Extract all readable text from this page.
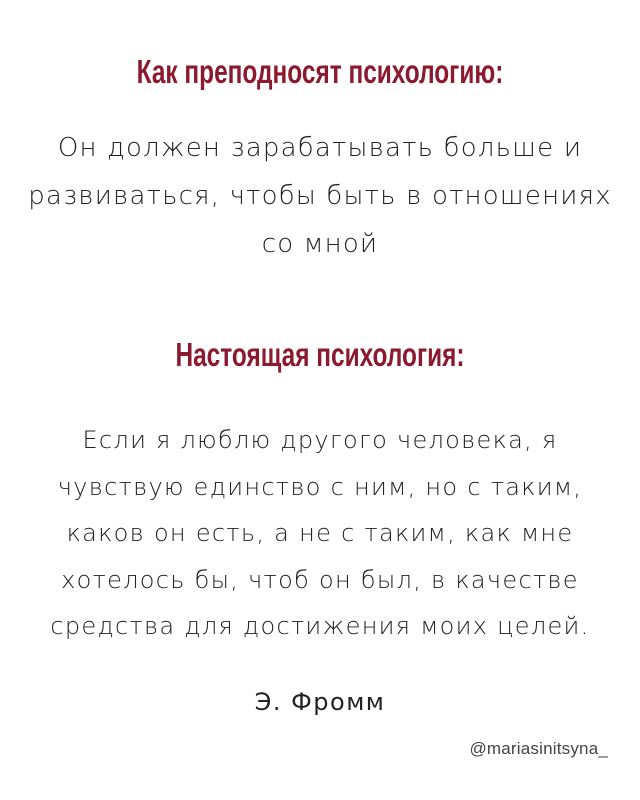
Как преподносят психологию:

Он должен зарабатывать больше и
развиваться, чтобы быть в отношениях
со мной

Настоящая психология:

Если я люблю другого человека, я
чувствую единство с ним, но с таким,
каков он есть, а не с таким, как мне
хотелось бы, чтоб он был, в качестве
средства для достижения моих целей.

Э. Фромм
@mariasinitsyna_
